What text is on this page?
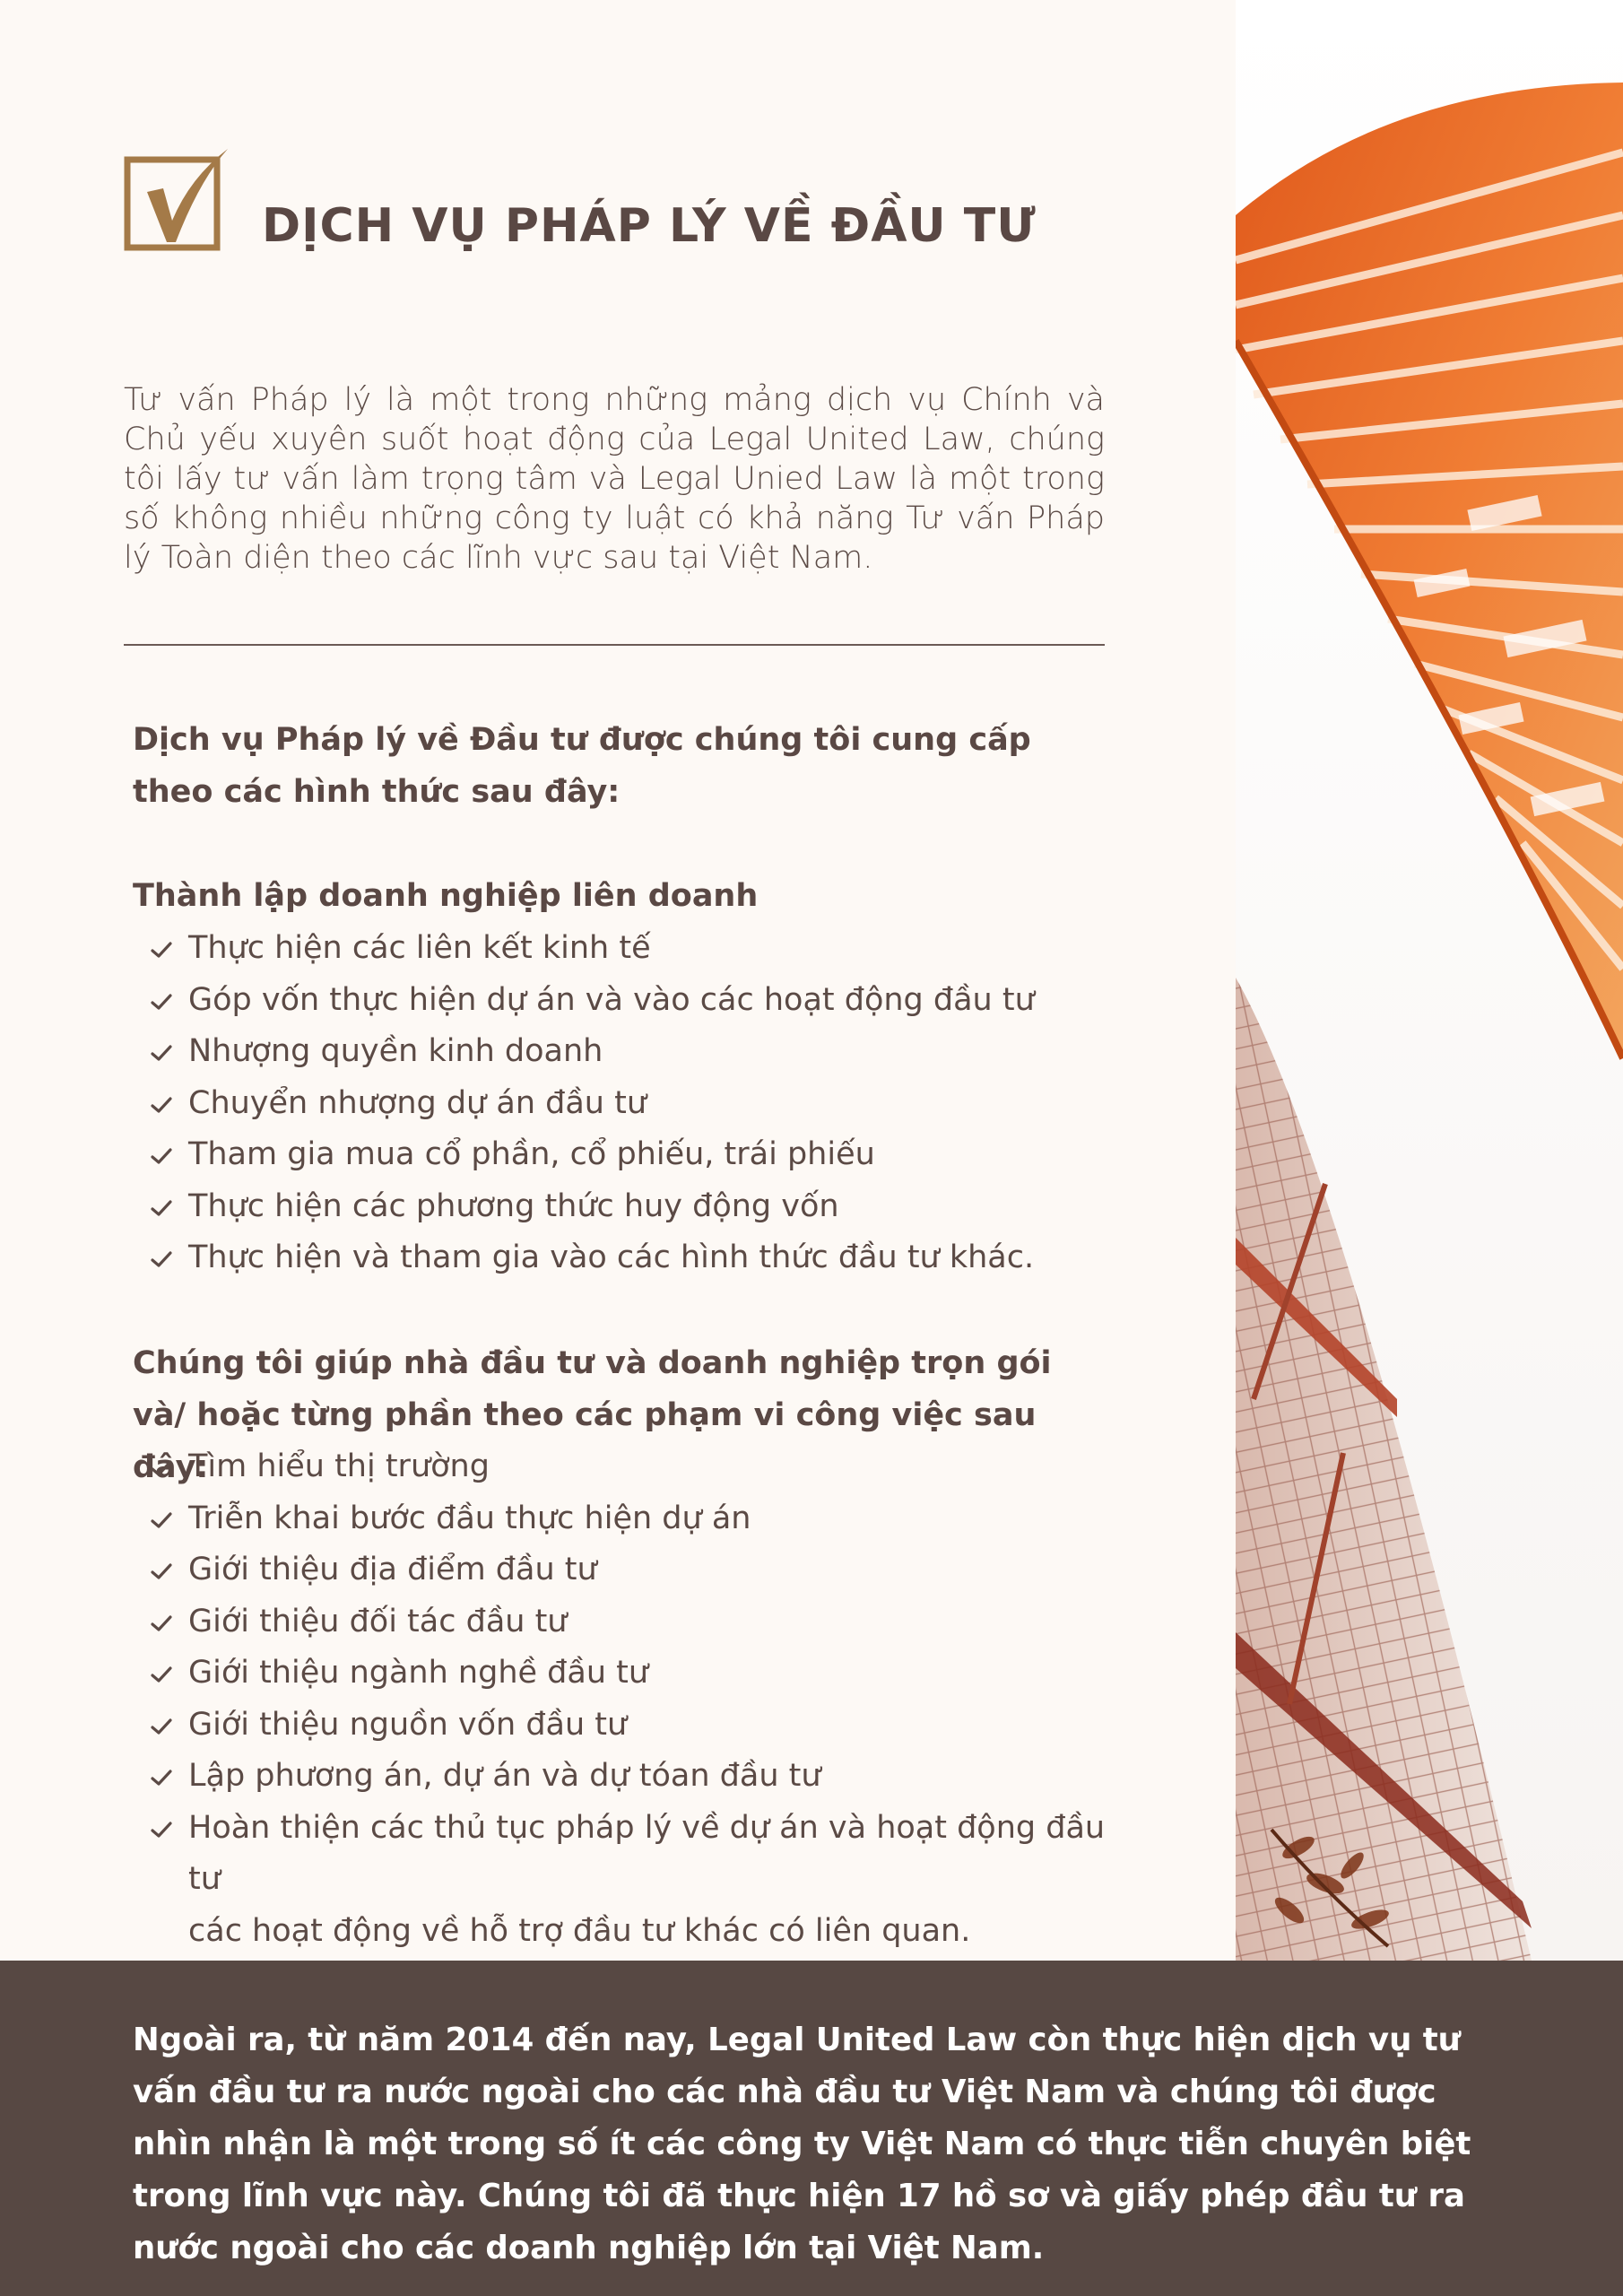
DỊCH VỤ PHÁP LÝ VỀ ĐẦU TƯ

Tư vấn Pháp lý là một trong những mảng dịch vụ Chính và Chủ yếu xuyên suốt hoạt động của Legal United Law, chúng tôi lấy tư vấn làm trọng tâm và Legal Unied Law là một trong số không nhiều những công ty luật có khả năng Tư vấn Pháp lý Toàn diện theo các lĩnh vực sau tại Việt Nam.

Dịch vụ Pháp lý về Đầu tư được chúng tôi cung cấp theo các hình thức sau đây:

Thành lập doanh nghiệp liên doanh

Thực hiện các liên kết kinh tế
Góp vốn thực hiện dự án và vào các hoạt động đầu tư
Nhượng quyền kinh doanh
Chuyển nhượng dự án đầu tư
Tham gia mua cổ phần, cổ phiếu, trái phiếu
Thực hiện các phương thức huy động vốn
Thực hiện và tham gia vào các hình thức đầu tư khác.

Chúng tôi giúp nhà đầu tư và doanh nghiệp trọn gói và/ hoặc từng phần theo các phạm vi công việc sau đây:

Tìm hiểu thị trường
Triễn khai bước đầu thực hiện dự án
Giới thiệu địa điểm đầu tư
Giới thiệu đối tác đầu tư
Giới thiệu ngành nghề đầu tư
Giới thiệu nguồn vốn đầu tư
Lập phương án, dự án và dự tóan đầu tư
Hoàn thiện các thủ tục pháp lý về dự án và hoạt động đầu tư
các hoạt động về hỗ trợ đầu tư khác có liên quan.

Ngoài ra, từ năm 2014 đến nay, Legal United Law còn thực hiện dịch vụ tư vấn đầu tư ra nước ngoài cho các nhà đầu tư Việt Nam và chúng tôi được nhìn nhận là một trong số ít các công ty Việt Nam có thực tiễn chuyên biệt trong lĩnh vực này. Chúng tôi đã thực hiện 17 hồ sơ và giấy phép đầu tư ra nước ngoài cho các doanh nghiệp lớn tại Việt Nam.
